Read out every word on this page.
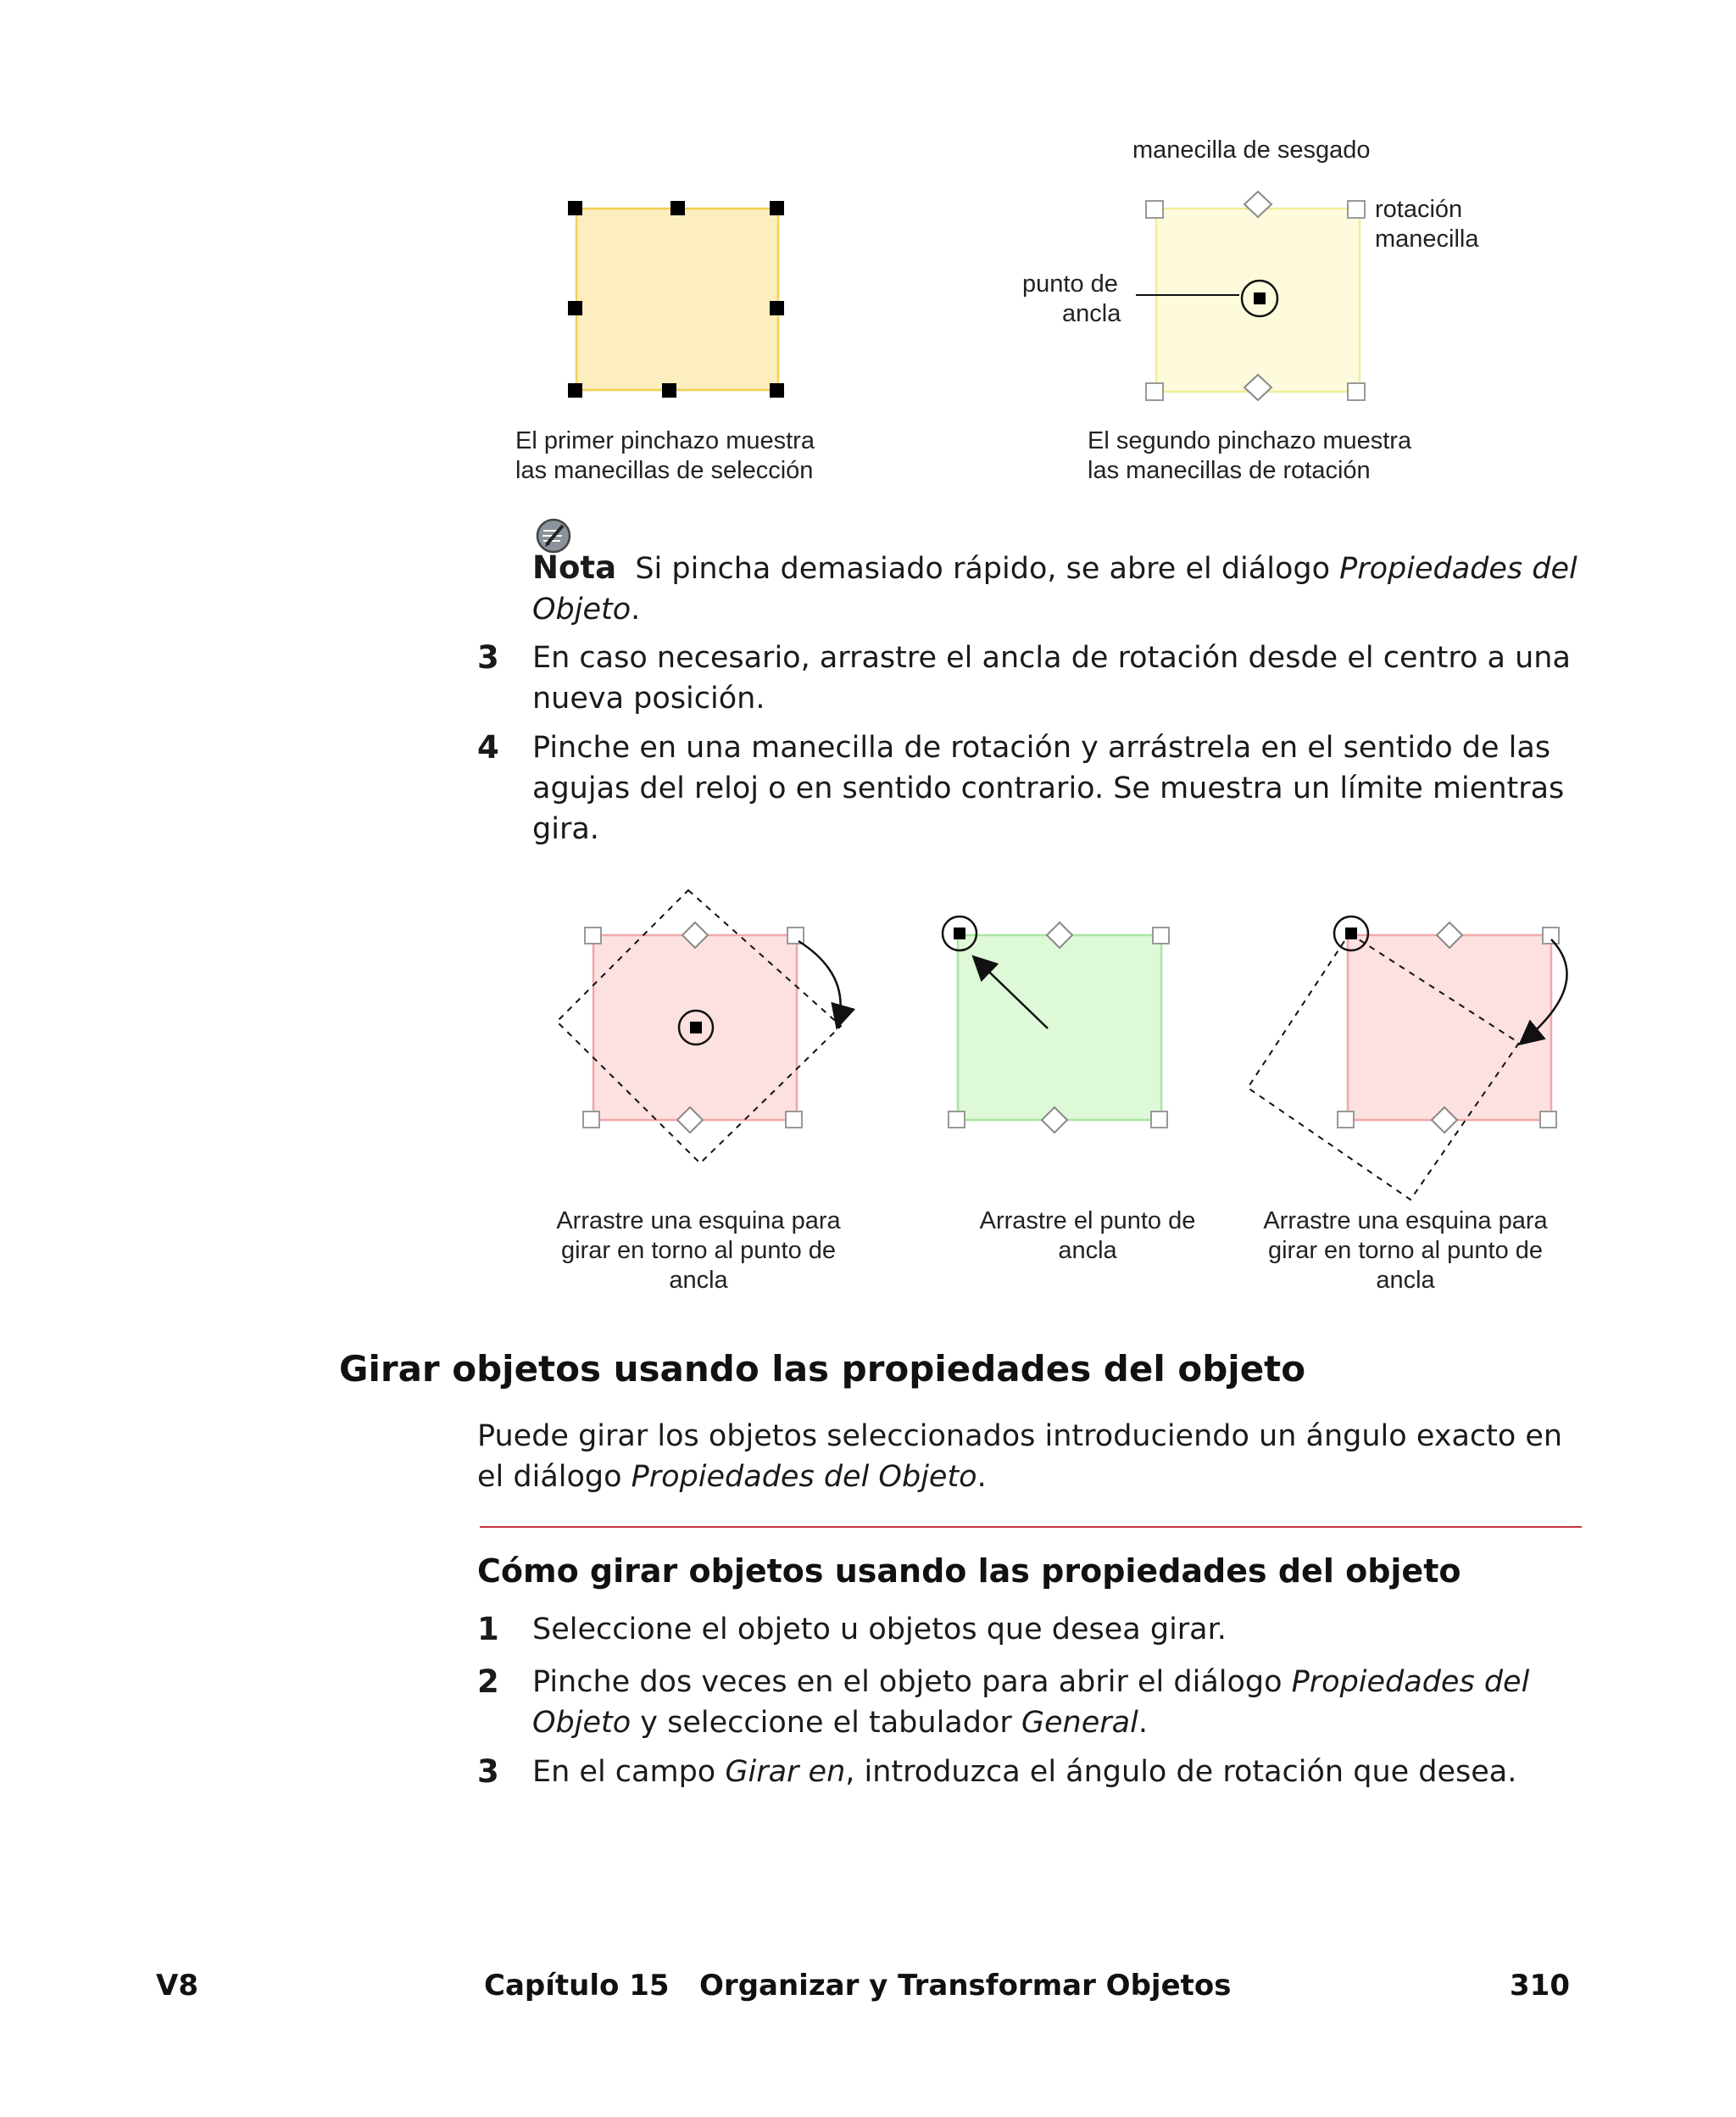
manecilla de sesgado
rotación
manecilla
punto de
ancla
El primer pinchazo muestra
las manecillas de selección
El segundo pinchazo muestra
las manecillas de rotación
Nota Si pincha demasiado rápido, se abre el diálogo Propiedades del Objeto.
3 En caso necesario, arrastre el ancla de rotación desde el centro a una nueva posición.
4 Pinche en una manecilla de rotación y arrástrela en el sentido de las agujas del reloj o en sentido contrario. Se muestra un límite mientras gira.
Arrastre una esquina para
girar en torno al punto de
ancla
Arrastre el punto de
ancla
Arrastre una esquina para
girar en torno al punto de
ancla
Girar objetos usando las propiedades del objeto
Puede girar los objetos seleccionados introduciendo un ángulo exacto en el diálogo Propiedades del Objeto.
Cómo girar objetos usando las propiedades del objeto
1 Seleccione el objeto u objetos que desea girar.
2 Pinche dos veces en el objeto para abrir el diálogo Propiedades del Objeto y seleccione el tabulador General.
3 En el campo Girar en, introduzca el ángulo de rotación que desea.
V8	Capítulo 15   Organizar y Transformar Objetos	310
